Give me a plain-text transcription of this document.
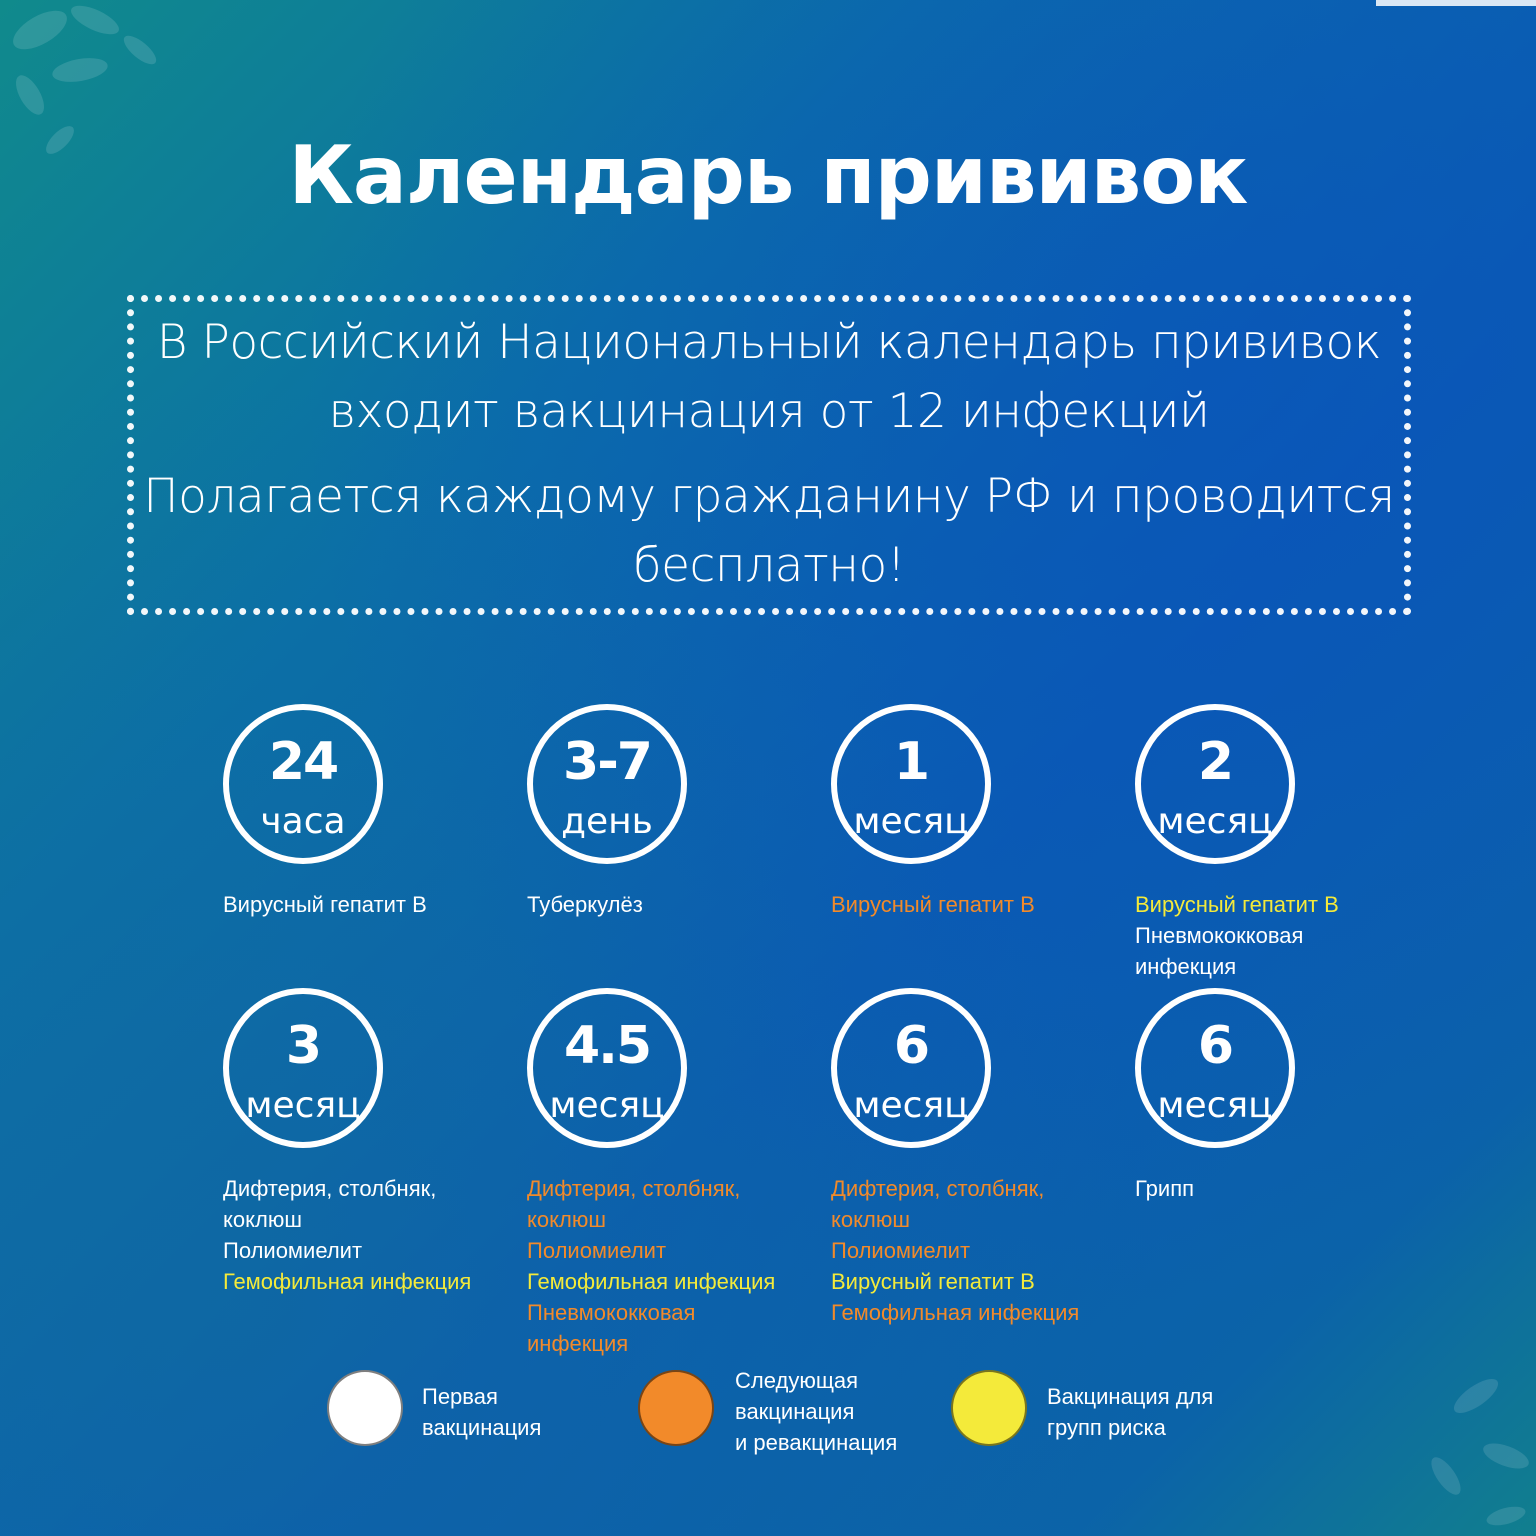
Календарь прививок

В Российский Национальный календарь прививок

входит вакцинация от 12 инфекций

Полагается каждому гражданину РФ и проводится

бесплатно!

24
часа
Вирусный гепатит В
3-7
день
Туберкулёз
1
месяц
Вирусный гепатит В
2
месяц
Вирусный гепатит В
Пневмококковая
инфекция
3
месяц
Дифтерия, столбняк,
коклюш
Полиомиелит
Гемофильная инфекция
4.5
месяц
Дифтерия, столбняк,
коклюш
Полиомиелит
Гемофильная инфекция
Пневмококковая
инфекция
6
месяц
Дифтерия, столбняк,
коклюш
Полиомиелит
Вирусный гепатит В
Гемофильная инфекция
6
месяц
Грипп
Первая
вакцинация
Следующая
вакцинация
и ревакцинация
Вакцинация для
групп риска
